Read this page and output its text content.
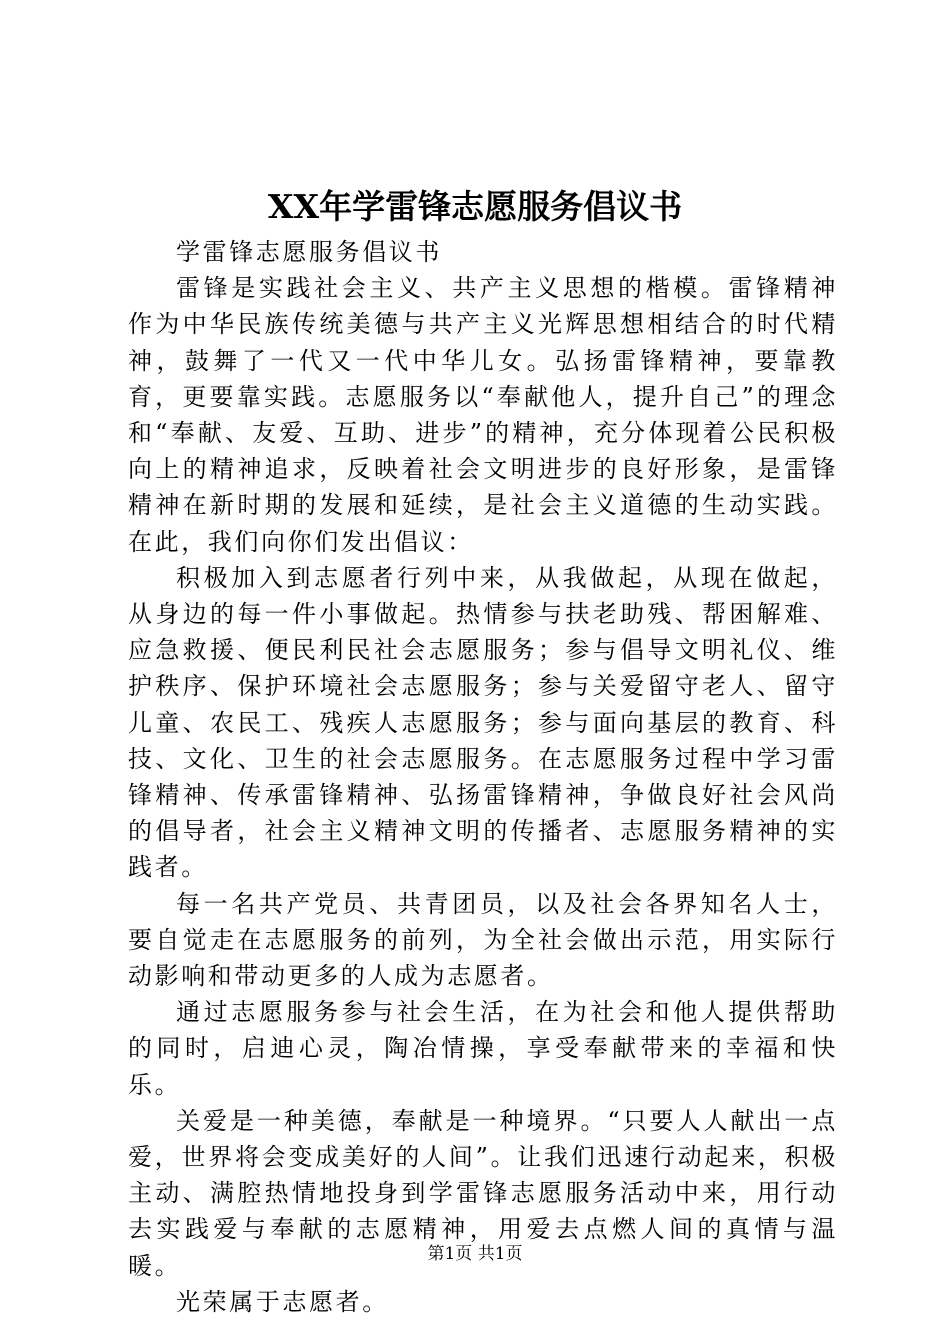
XX年学雷锋志愿服务倡议书

学雷锋志愿服务倡议书

雷锋是实践社会主义、共产主义思想的楷模。雷锋精神作为中华民族传统美德与共产主义光辉思想相结合的时代精神，鼓舞了一代又一代中华儿女。弘扬雷锋精神，要靠教育，更要靠实践。志愿服务以“奉献他人，提升自己”的理念和“奉献、友爱、互助、进步”的精神，充分体现着公民积极向上的精神追求，反映着社会文明进步的良好形象，是雷锋精神在新时期的发展和延续，是社会主义道德的生动实践。在此，我们向你们发出倡议：

积极加入到志愿者行列中来，从我做起，从现在做起，从身边的每一件小事做起。热情参与扶老助残、帮困解难、应急救援、便民利民社会志愿服务；参与倡导文明礼仪、维护秩序、保护环境社会志愿服务；参与关爱留守老人、留守儿童、农民工、残疾人志愿服务；参与面向基层的教育、科技、文化、卫生的社会志愿服务。在志愿服务过程中学习雷锋精神、传承雷锋精神、弘扬雷锋精神，争做良好社会风尚的倡导者，社会主义精神文明的传播者、志愿服务精神的实践者。

每一名共产党员、共青团员，以及社会各界知名人士，要自觉走在志愿服务的前列，为全社会做出示范，用实际行动影响和带动更多的人成为志愿者。

通过志愿服务参与社会生活，在为社会和他人提供帮助的同时，启迪心灵，陶冶情操，享受奉献带来的幸福和快乐。

关爱是一种美德，奉献是一种境界。“只要人人献出一点爱，世界将会变成美好的人间”。让我们迅速行动起来，积极主动、满腔热情地投身到学雷锋志愿服务活动中来，用行动去实践爱与奉献的志愿精神，用爱去点燃人间的真情与温暖。

光荣属于志愿者。

第1页 共1页
